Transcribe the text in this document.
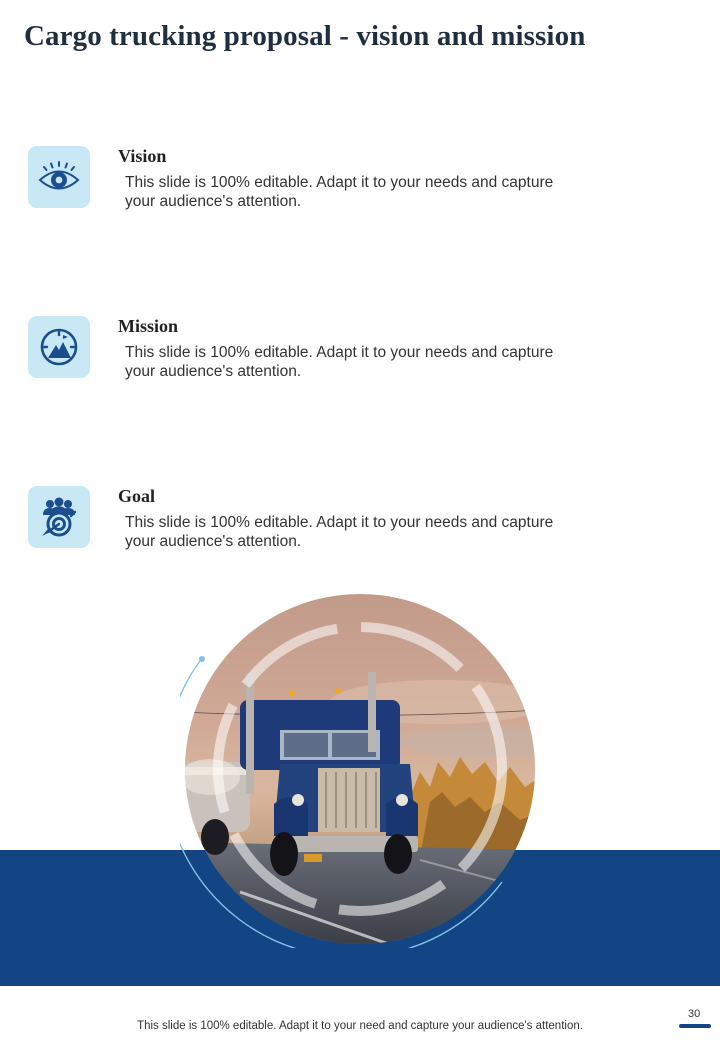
Cargo trucking proposal - vision and mission
Vision
This slide is 100% editable. Adapt it to your needs and capture your audience's attention.
Mission
This slide is 100% editable. Adapt it to your needs and capture your audience's attention.
Goal
This slide is 100% editable. Adapt it to your needs and capture your audience's attention.
This slide is 100% editable. Adapt it to your need and capture your audience's attention.
30
